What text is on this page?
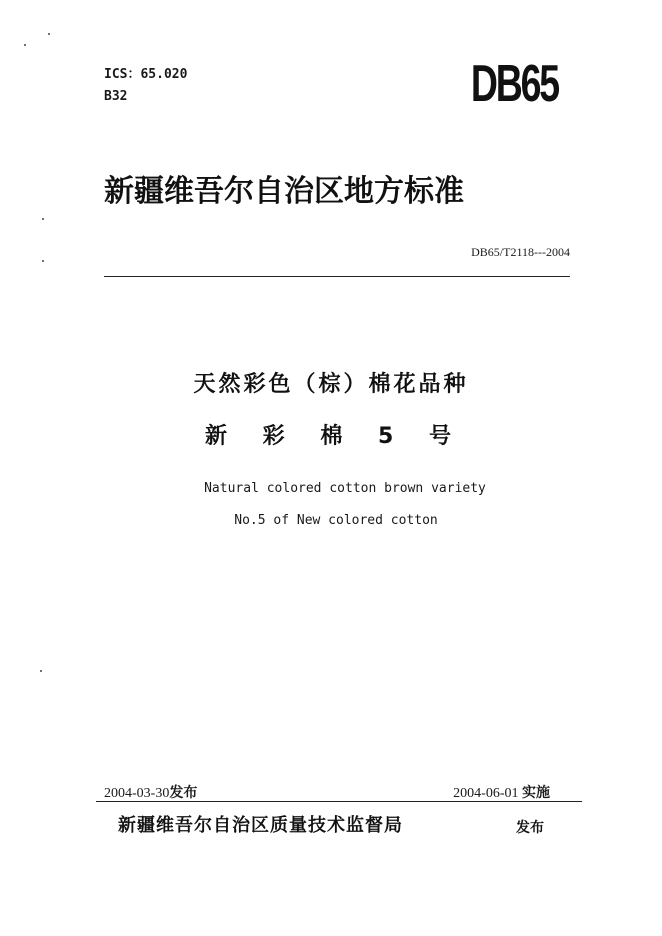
ICS：65.020
B32	DB65
新疆维吾尔自治区地方标准
DB65/T2118---2004
天然彩色（棕）棉花品种
新 彩 棉 5 号
Natural colored cotton brown variety
No.5 of New colored cotton
2004-03-30发布	2004-06-01 实施
新疆维吾尔自治区质量技术监督局	发布
